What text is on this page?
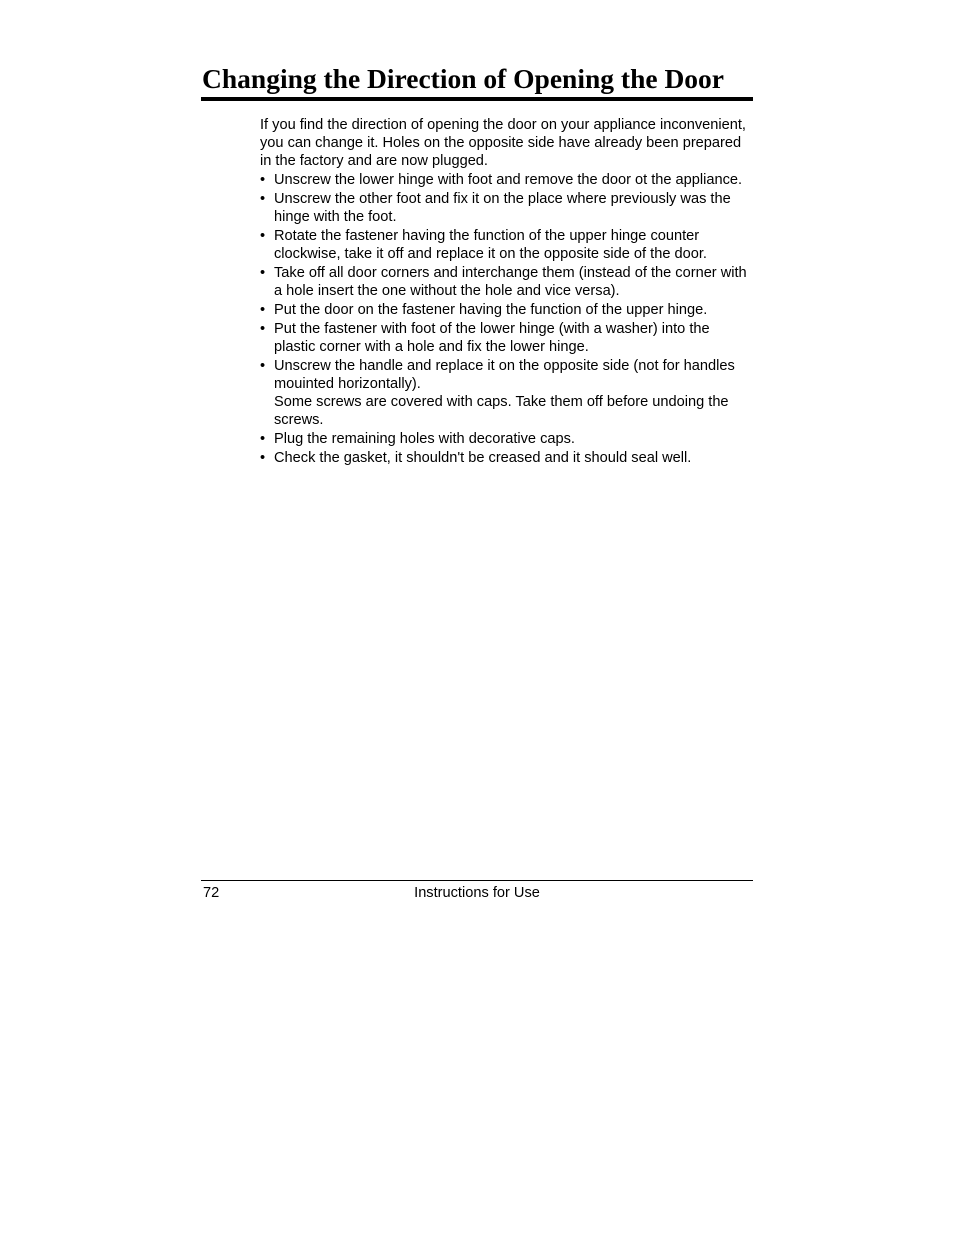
Changing the Direction of Opening the Door

If you find the direction of opening the door on your appliance inconvenient, you can change it. Holes on the opposite side have already been prepared in the factory and are now plugged.

• Unscrew the lower hinge with foot and remove the door ot the appliance.
• Unscrew the other foot and fix it on the place where previously was the hinge with the foot.
• Rotate the fastener having the function of the upper hinge counter clockwise, take it off and replace it on the opposite side of the door.
• Take off all door corners and interchange them (instead of the corner with a hole insert the one without the hole and vice versa).
• Put the door on the fastener having the function of the upper hinge.
• Put the fastener with foot of the lower hinge (with a washer) into the plastic corner with a hole and fix the lower hinge.
• Unscrew the handle and replace it on the opposite side (not for handles mouinted horizontally).
Some screws are covered with caps. Take them off before undoing the screws.
• Plug the remaining holes with decorative caps.
• Check the gasket, it shouldn't be creased and it should seal well.
72	Instructions for Use
